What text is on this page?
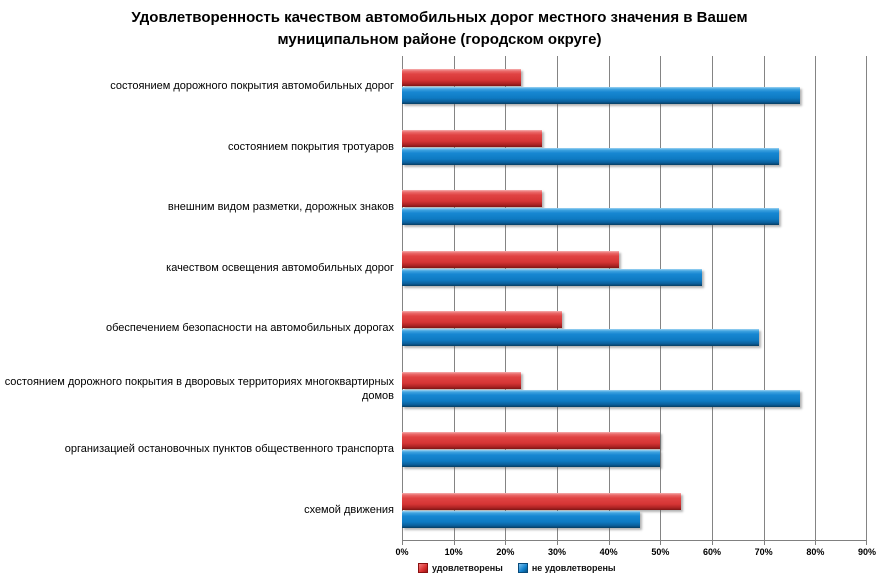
Удовлетворенность качеством автомобильных дорог местного значения в Вашем муниципальном районе (городском округе)
состоянием дорожного покрытия автомобильных дорог
состоянием покрытия тротуаров
внешним видом разметки, дорожных знаков
качеством освещения автомобильных дорог
обеспечением безопасности на автомобильных дорогах
состоянием дорожного покрытия в дворовых территориях многоквартирных домов
организацией остановочных пунктов общественного транспорта
схемой движения
0%	10%	20%	30%	40%	50%	60%	70%	80%	90%
удовлетворены	не удовлетворены
